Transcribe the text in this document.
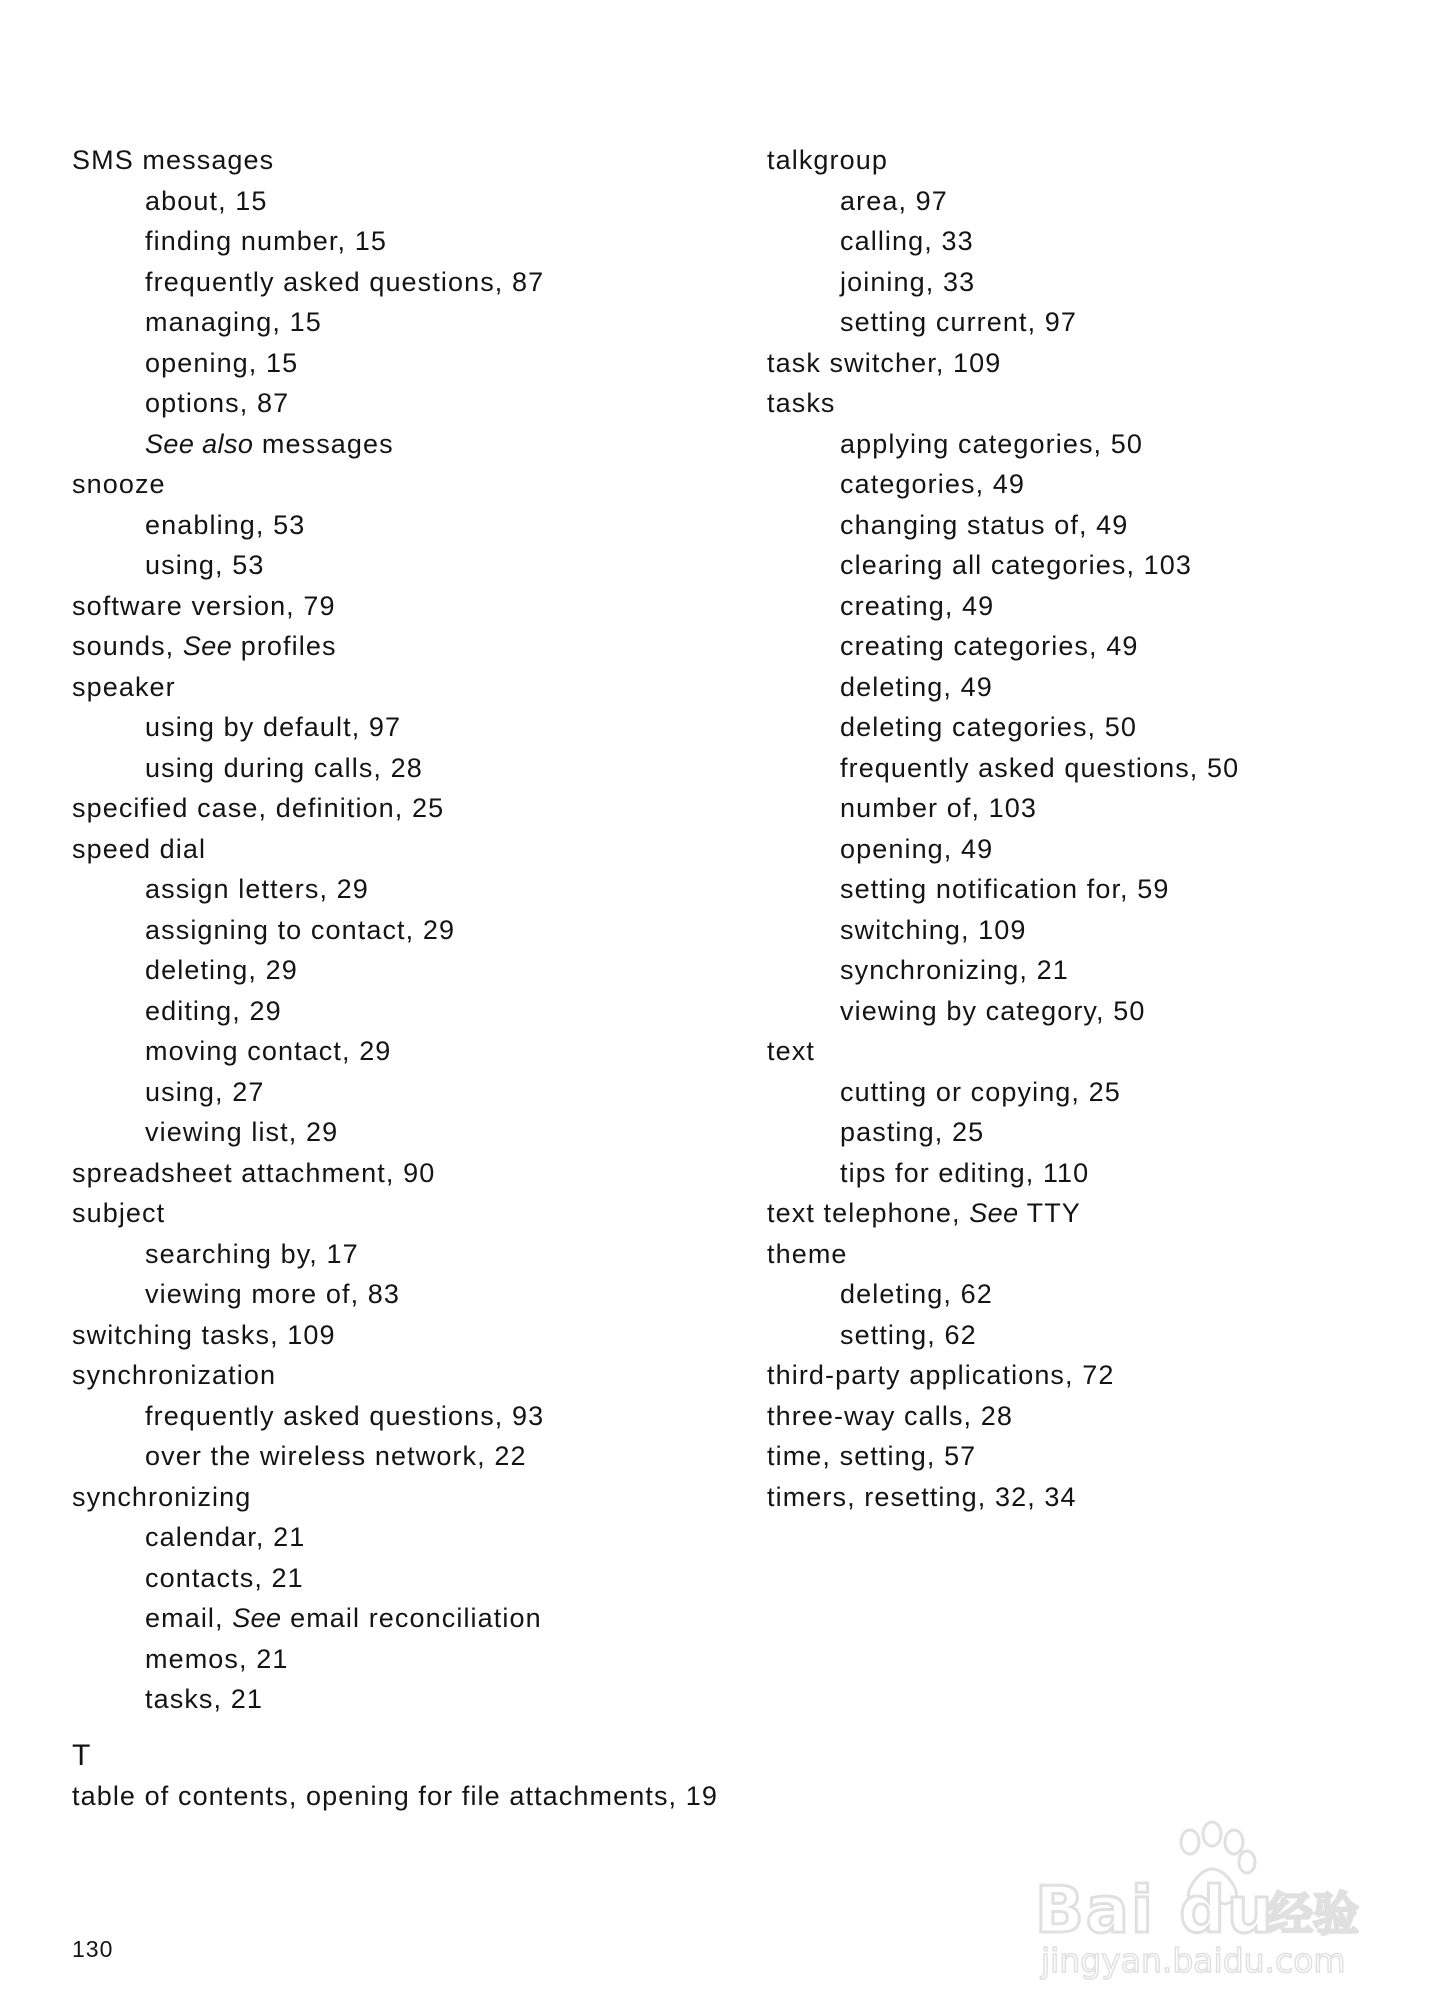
SMS messages
about, 15
finding number, 15
frequently asked questions, 87
managing, 15
opening, 15
options, 87
See also messages
snooze
enabling, 53
using, 53
software version, 79
sounds, See profiles
speaker
using by default, 97
using during calls, 28
specified case, definition, 25
speed dial
assign letters, 29
assigning to contact, 29
deleting, 29
editing, 29
moving contact, 29
using, 27
viewing list, 29
spreadsheet attachment, 90
subject
searching by, 17
viewing more of, 83
switching tasks, 109
synchronization
frequently asked questions, 93
over the wireless network, 22
synchronizing
calendar, 21
contacts, 21
email, See email reconciliation
memos, 21
tasks, 21
T
table of contents, opening for file attachments, 19
talkgroup
area, 97
calling, 33
joining, 33
setting current, 97
task switcher, 109
tasks
applying categories, 50
categories, 49
changing status of, 49
clearing all categories, 103
creating, 49
creating categories, 49
deleting, 49
deleting categories, 50
frequently asked questions, 50
number of, 103
opening, 49
setting notification for, 59
switching, 109
synchronizing, 21
viewing by category, 50
text
cutting or copying, 25
pasting, 25
tips for editing, 110
text telephone, See TTY
theme
deleting, 62
setting, 62
third-party applications, 72
three-way calls, 28
time, setting, 57
timers, resetting, 32, 34
130
Bai du
经验
jingyan.baidu.com
